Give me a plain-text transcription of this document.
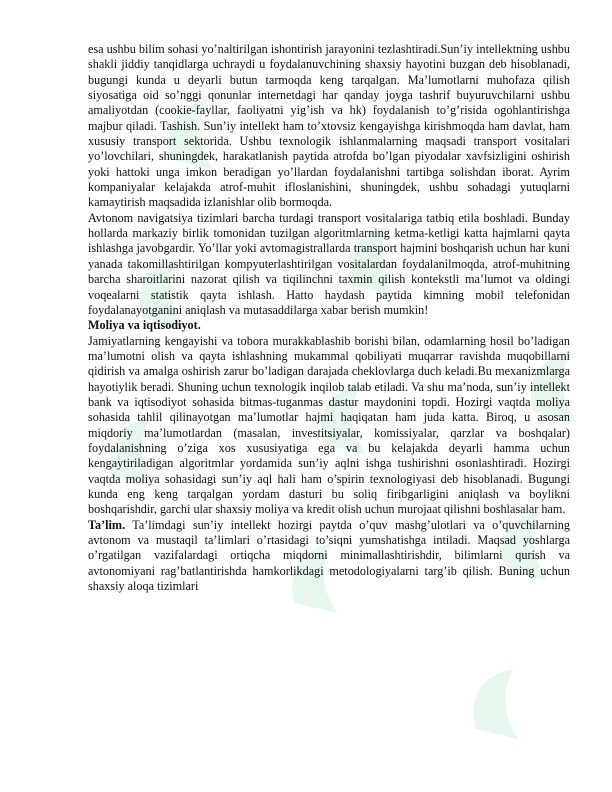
esa ushbu bilim sohasi yo’naltirilgan ishontirish jarayonini tezlashtiradi.Sun’iy intellektning ushbu shakli jiddiy tanqidlarga uchraydi u foydalanuvchining shaxsiy hayotini buzgan deb hisoblanadi, bugungi kunda u deyarli butun tarmoqda keng tarqalgan. Ma’lumotlarni muhofaza qilish siyosatiga oid so’nggi qonunlar internetdagi har qanday joyga tashrif buyuruvchilarni ushbu amaliyotdan (cookie-fayllar, faoliyatni yig’ish va hk) foydalanish to’g’risida ogohlantirishga majbur qiladi. Tashish. Sun’iy intellekt ham to’xtovsiz kengayishga kirishmoqda ham davlat, ham xususiy transport sektorida. Ushbu texnologik ishlanmalarning maqsadi transport vositalari yo’lovchilari, shuningdek, harakatlanish paytida atrofda bo’lgan piyodalar xavfsizligini oshirish yoki hattoki unga imkon beradigan yo’llardan foydalanishni tartibga solishdan iborat. Ayrim kompaniyalar kelajakda atrof-muhit ifloslanishini, shuningdek, ushbu sohadagi yutuqlarni kamaytirish maqsadida izlanishlar olib bormoqda.

Avtonom navigatsiya tizimlari barcha turdagi transport vositalariga tatbiq etila boshladi. Bunday hollarda markaziy birlik tomonidan tuzilgan algoritmlarning ketma-ketligi katta hajmlarni qayta ishlashga javobgardir. Yo’llar yoki avtomagistrallarda transport hajmini boshqarish uchun har kuni yanada takomillashtirilgan kompyuterlashtirilgan vositalardan foydalanilmoqda, atrof-muhitning barcha sharoitlarini nazorat qilish va tiqilinchni taxmin qilish kontekstli ma’lumot va oldingi voqealarni statistik qayta ishlash. Hatto haydash paytida kimning mobil telefonidan foydalanayotganini aniqlash va mutasaddilarga xabar berish mumkin!

Moliya va iqtisodiyot.

Jamiyatlarning kengayishi va tobora murakkablashib borishi bilan, odamlarning hosil bo’ladigan ma’lumotni olish va qayta ishlashning mukammal qobiliyati muqarrar ravishda muqobillarni qidirish va amalga oshirish zarur bo’ladigan darajada cheklovlarga duch keladi.Bu mexanizmlarga hayotiylik beradi. Shuning uchun texnologik inqilob talab etiladi. Va shu ma’noda, sun’iy intellekt bank va iqtisodiyot sohasida bitmas-tuganmas dastur maydonini topdi. Hozirgi vaqtda moliya sohasida tahlil qilinayotgan ma’lumotlar hajmi haqiqatan ham juda katta. Biroq, u asosan miqdoriy ma’lumotlardan (masalan, investitsiyalar, komissiyalar, qarzlar va boshqalar) foydalanishning o’ziga xos xususiyatiga ega va bu kelajakda deyarli hamma uchun kengaytiriladigan algoritmlar yordamida sun’iy aqlni ishga tushirishni osonlashtiradi. Hozirgi vaqtda moliya sohasidagi sun’iy aql hali ham o’spirin texnologiyasi deb hisoblanadi. Bugungi kunda eng keng tarqalgan yordam dasturi bu soliq firibgarligini aniqlash va boylikni boshqarishdir, garchi ular shaxsiy moliya va kredit olish uchun murojaat qilishni boshlasalar ham.

Ta’lim. Ta’limdagi sun’iy intellekt hozirgi paytda o’quv mashg’ulotlari va o’quvchilarning avtonom va mustaqil ta’limlari o’rtasidagi to’siqni yumshatishga intiladi. Maqsad yoshlarga o’rgatilgan vazifalardagi ortiqcha miqdorni minimallashtirishdir, bilimlarni qurish va avtonomiyani rag’batlantirishda hamkorlikdagi metodologiyalarni targ’ib qilish. Buning uchun shaxsiy aloqa tizimlari
